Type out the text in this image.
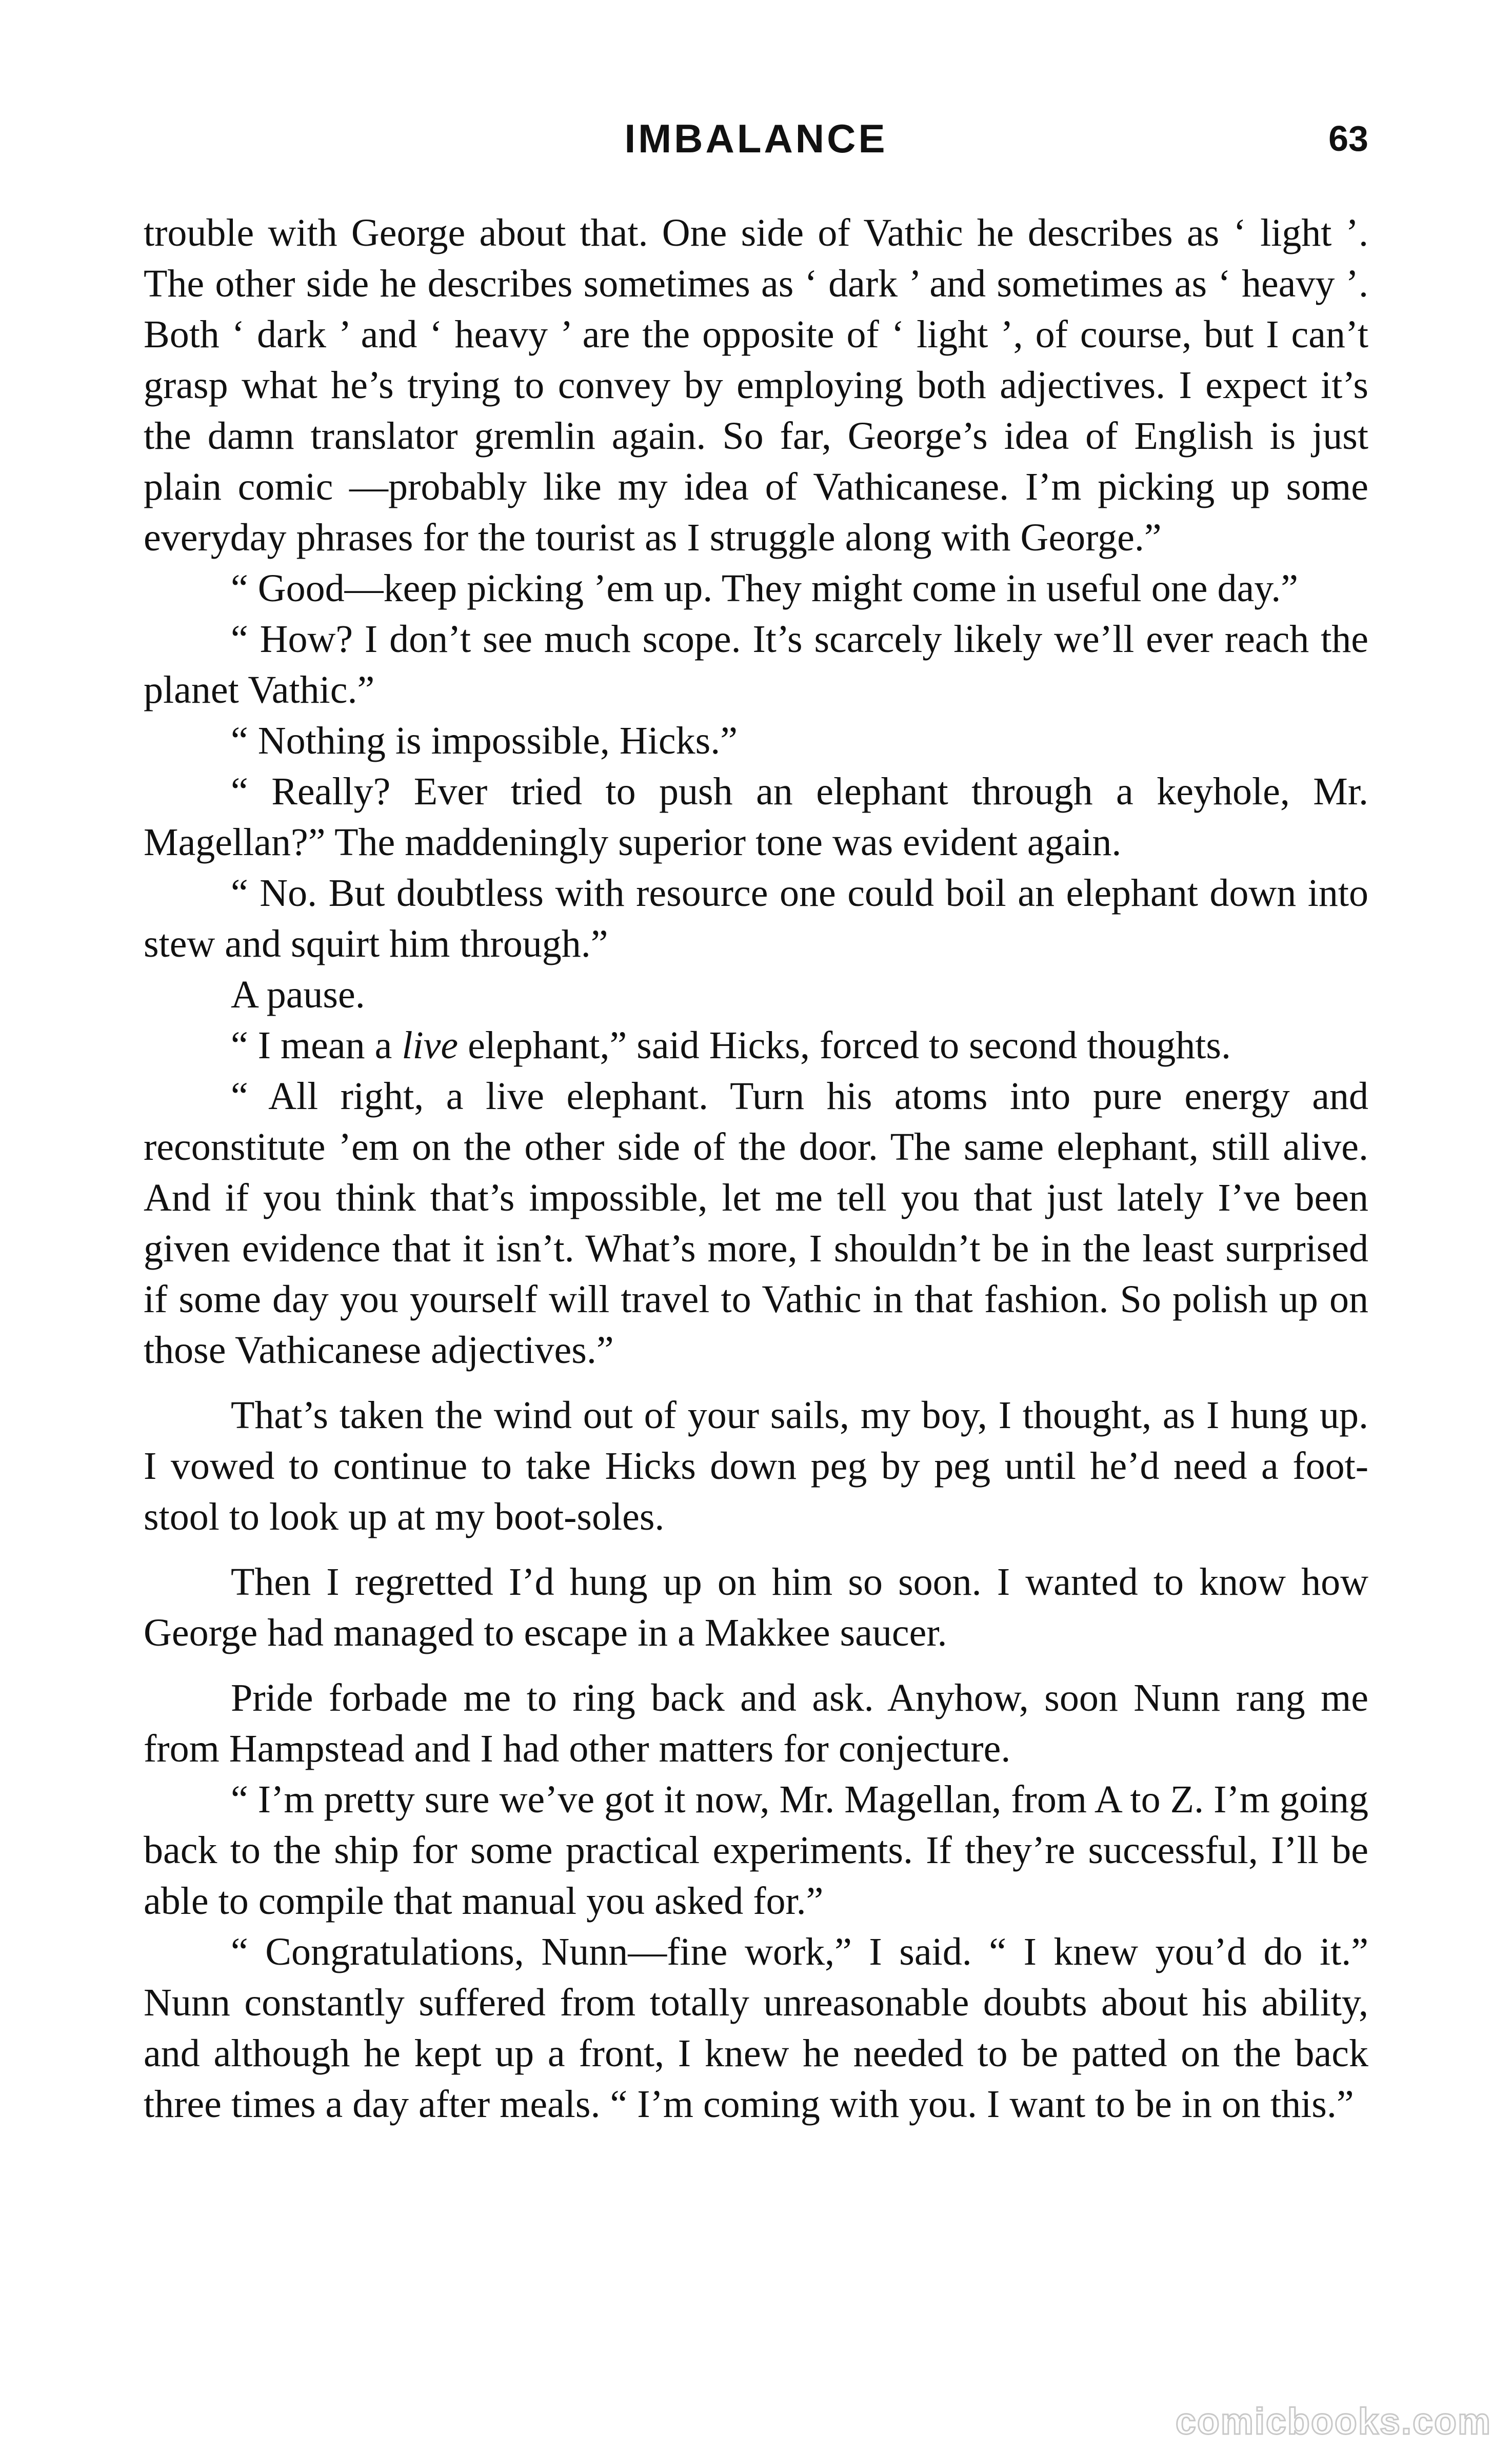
IMBALANCE	63

trouble with George about that. One side of Vathic he describes as ‘ light ’. The other side he describes sometimes as ‘ dark ’ and sometimes as ‘ heavy ’. Both ‘ dark ’ and ‘ heavy ’ are the opposite of ‘ light ’, of course, but I can’t grasp what he’s trying to convey by employing both adjectives. I expect it’s the damn translator gremlin again. So far, George’s idea of English is just plain comic —probably like my idea of Vathicanese. I’m picking up some everyday phrases for the tourist as I struggle along with George.”

“ Good—keep picking ’em up. They might come in useful one day.”

“ How? I don’t see much scope. It’s scarcely likely we’ll ever reach the planet Vathic.”

“ Nothing is impossible, Hicks.”

“ Really? Ever tried to push an elephant through a keyhole, Mr. Magellan?” The maddeningly superior tone was evident again.

“ No. But doubtless with resource one could boil an elephant down into stew and squirt him through.”

A pause.

“ I mean a live elephant,” said Hicks, forced to second thoughts.

“ All right, a live elephant. Turn his atoms into pure energy and reconstitute ’em on the other side of the door. The same elephant, still alive. And if you think that’s impossible, let me tell you that just lately I’ve been given evidence that it isn’t. What’s more, I shouldn’t be in the least surprised if some day you yourself will travel to Vathic in that fashion. So polish up on those Vathicanese adjectives.”

That’s taken the wind out of your sails, my boy, I thought, as I hung up. I vowed to continue to take Hicks down peg by peg until he’d need a foot-stool to look up at my boot-soles.

Then I regretted I’d hung up on him so soon. I wanted to know how George had managed to escape in a Makkee saucer.

Pride forbade me to ring back and ask. Anyhow, soon Nunn rang me from Hampstead and I had other matters for conjecture.

“ I’m pretty sure we’ve got it now, Mr. Magellan, from A to Z. I’m going back to the ship for some practical experiments. If they’re successful, I’ll be able to compile that manual you asked for.”

“ Congratulations, Nunn—fine work,” I said. “ I knew you’d do it.” Nunn constantly suffered from totally unreasonable doubts about his ability, and although he kept up a front, I knew he needed to be patted on the back three times a day after meals. “ I’m coming with you. I want to be in on this.”

comicbooks.com
